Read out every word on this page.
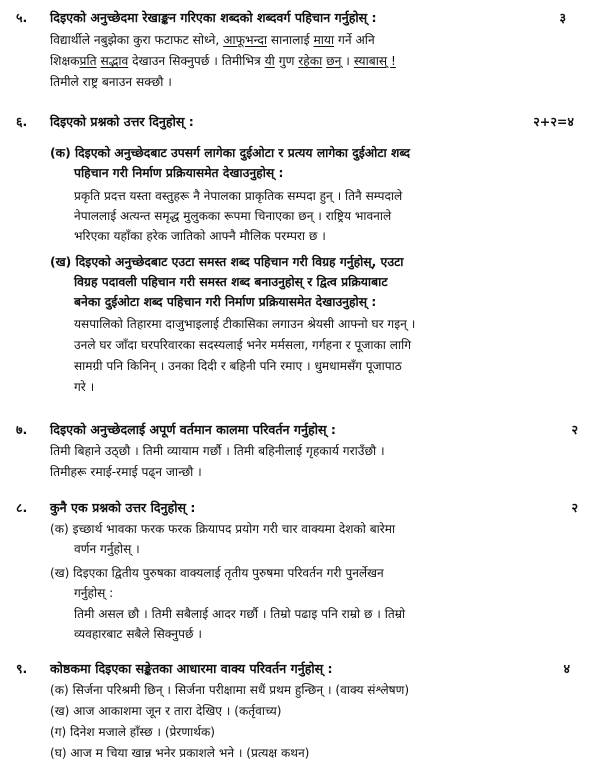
५. दिइएको अनुच्छेदमा रेखाङ्कन गरिएका शब्दको शब्दवर्ग पहिचान गर्नुहोस् :	३
विद्यार्थीले नबुझेका कुरा फटाफट सोध्ने, आफूभन्दा सानालाई माया गर्ने अनि
शिक्षकप्रति सद्भाव देखाउन सिक्नुपर्छ । तिमीभित्र यी गुण रहेका छन् । स्याबास् !
तिमीले राष्ट्र बनाउन सक्छौ ।
६. दिइएको प्रश्नको उत्तर दिनुहोस् :	२+२=४
(क) दिइएको अनुच्छेदबाट उपसर्ग लागेका दुईओटा र प्रत्यय लागेका दुईओटा शब्द
पहिचान गरी निर्माण प्रक्रियासमेत देखाउनुहोस् :
प्रकृति प्रदत्त यस्ता वस्तुहरू नै नेपालका प्राकृतिक सम्पदा हुन् । तिनै सम्पदाले
नेपाललाई अत्यन्त समृद्ध मुलुकका रूपमा चिनाएका छन् । राष्ट्रिय भावनाले
भरिएका यहाँका हरेक जातिको आफ्नै मौलिक परम्परा छ ।
(ख) दिइएको अनुच्छेदबाट एउटा समस्त शब्द पहिचान गरी विग्रह गर्नुहोस्, एउटा
विग्रह पदावली पहिचान गरी समस्त शब्द बनाउनुहोस् र द्वित्व प्रक्रियाबाट
बनेका दुईओटा शब्द पहिचान गरी निर्माण प्रक्रियासमेत देखाउनुहोस् :
यसपालिको तिहारमा दाजुभाइलाई टीकासिका लगाउन श्रेयसी आफ्नो घर गइन् ।
उनले घर जाँदा घरपरिवारका सदस्यलाई भनेर मर्मसला, गर्गहना र पूजाका लागि
सामग्री पनि किनिन् । उनका दिदी र बहिनी पनि रमाए । धुमधामसँग पूजापाठ
गरे ।
७. दिइएको अनुच्छेदलाई अपूर्ण वर्तमान कालमा परिवर्तन गर्नुहोस् :	२
तिमी बिहाने उठ्छौ । तिमी व्यायाम गर्छौ । तिमी बहिनीलाई गृहकार्य गराउँछौ ।
तिमीहरू रमाई-रमाई पढ्न जान्छौ ।
८. कुनै एक प्रश्नको उत्तर दिनुहोस् :	२
(क) इच्छार्थ भावका फरक फरक क्रियापद प्रयोग गरी चार वाक्यमा देशको बारेमा
वर्णन गर्नुहोस् ।
(ख) दिइएका द्वितीय पुरुषका वाक्यलाई तृतीय पुरुषमा परिवर्तन गरी पुनर्लेखन
गर्नुहोस् :
तिमी असल छौ । तिमी सबैलाई आदर गर्छौ । तिम्रो पढाइ पनि राम्रो छ । तिम्रो
व्यवहारबाट सबैले सिक्नुपर्छ ।
९. कोष्ठकमा दिइएका सङ्केतका आधारमा वाक्य परिवर्तन गर्नुहोस् :	४
(क) सिर्जना परिश्रमी छिन् । सिर्जना परीक्षामा सधैं प्रथम हुन्छिन् । (वाक्य संश्लेषण)
(ख) आज आकाशमा जून र तारा देखिए । (कर्तृवाच्य)
(ग) दिनेश मजाले हाँस्छ । (प्रेरणार्थक)
(घ) आज म चिया खान्न भनेर प्रकाशले भने । (प्रत्यक्ष कथन)
